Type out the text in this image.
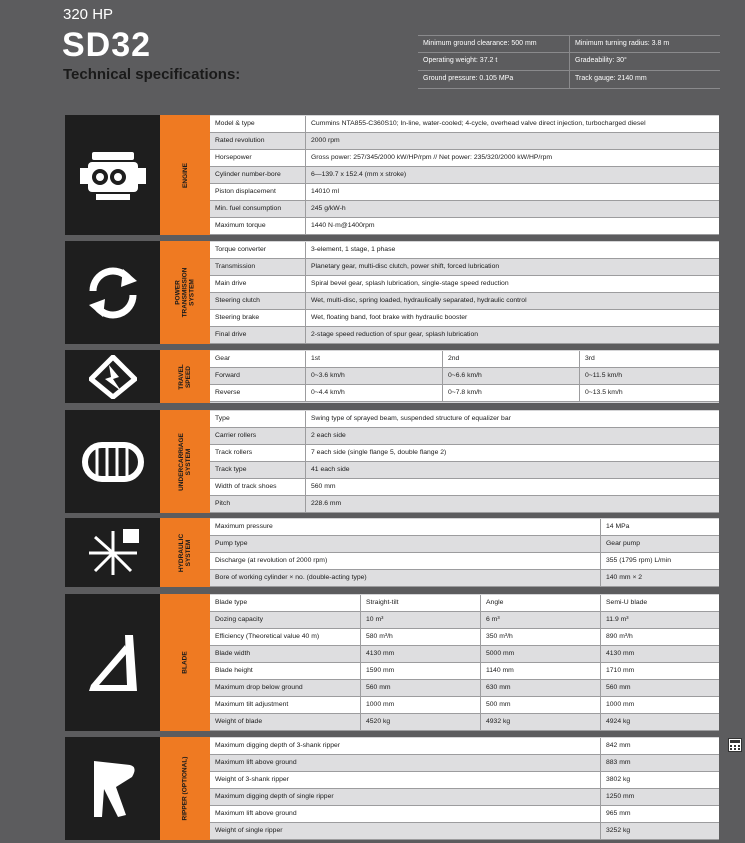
320 HP
SD32
Technical specifications:
Minimum ground clearance: 500 mm	Minimum turning radius: 3.8 m
Operating weight: 37.2 t	Gradeability: 30°
Ground pressure: 0.105 MPa	Track gauge: 2140 mm
ENGINE
Model & type	Cummins NTA855-C360S10; In-line, water-cooled; 4-cycle, overhead valve direct injection, turbocharged diesel
Rated revolution	2000 rpm
Horsepower	Gross power: 257/345/2000 kW/HP/rpm // Net power: 235/320/2000 kW/HP/rpm
Cylinder number-bore	6—139.7 x 152.4 (mm x stroke)
Piston displacement	14010 ml
Min. fuel consumption	245 g/kW-h
Maximum torque	1440 N·m@1400rpm
POWER
TRANSMISSION
SYSTEM
Torque converter	3-element, 1 stage, 1 phase
Transmission	Planetary gear, multi-disc clutch, power shift, forced lubrication
Main drive	Spiral bevel gear, splash lubrication, single-stage speed reduction
Steering clutch	Wet, multi-disc, spring loaded, hydraulically separated, hydraulic control
Steering brake	Wet, floating band, foot brake with hydraulic booster
Final drive	2-stage speed reduction of spur gear, splash lubrication
TRAVEL
SPEED
Gear	1st	2nd	3rd
Forward	0~3.6 km/h	0~6.6 km/h	0~11.5 km/h
Reverse	0~4.4 km/h	0~7.8 km/h	0~13.5 km/h
UNDERCARRIAGE
SYSTEM
Type	Swing type of sprayed beam, suspended structure of equalizer bar
Carrier rollers	2 each side
Track rollers	7 each side (single flange 5, double flange 2)
Track type	41 each side
Width of track shoes	560 mm
Pitch	228.6 mm
HYDRAULIC
SYSTEM
Maximum pressure	14 MPa
Pump type	Gear pump
Discharge (at revolution of 2000 rpm)	355 (1795 rpm) L/min
Bore of working cylinder × no. (double-acting type)	140 mm × 2
BLADE
Blade type	Straight-tilt	Angle	Semi-U blade
Dozing capacity	10 m³	6 m³	11.9 m³
Efficiency (Theoretical value 40 m)	580 m³/h	350 m³/h	890 m³/h
Blade width	4130 mm	5000 mm	4130 mm
Blade height	1590 mm	1140 mm	1710 mm
Maximum drop below ground	560 mm	630 mm	560 mm
Maximum tilt adjustment	1000 mm	500 mm	1000 mm
Weight of blade	4520 kg	4932 kg	4924 kg
RIPPER (OPTIONAL)
Maximum digging depth of 3-shank ripper	842 mm
Maximum lift above ground	883 mm
Weight of 3-shank ripper	3802 kg
Maximum digging depth of single ripper	1250 mm
Maximum lift above ground	965 mm
Weight of single ripper	3252 kg
